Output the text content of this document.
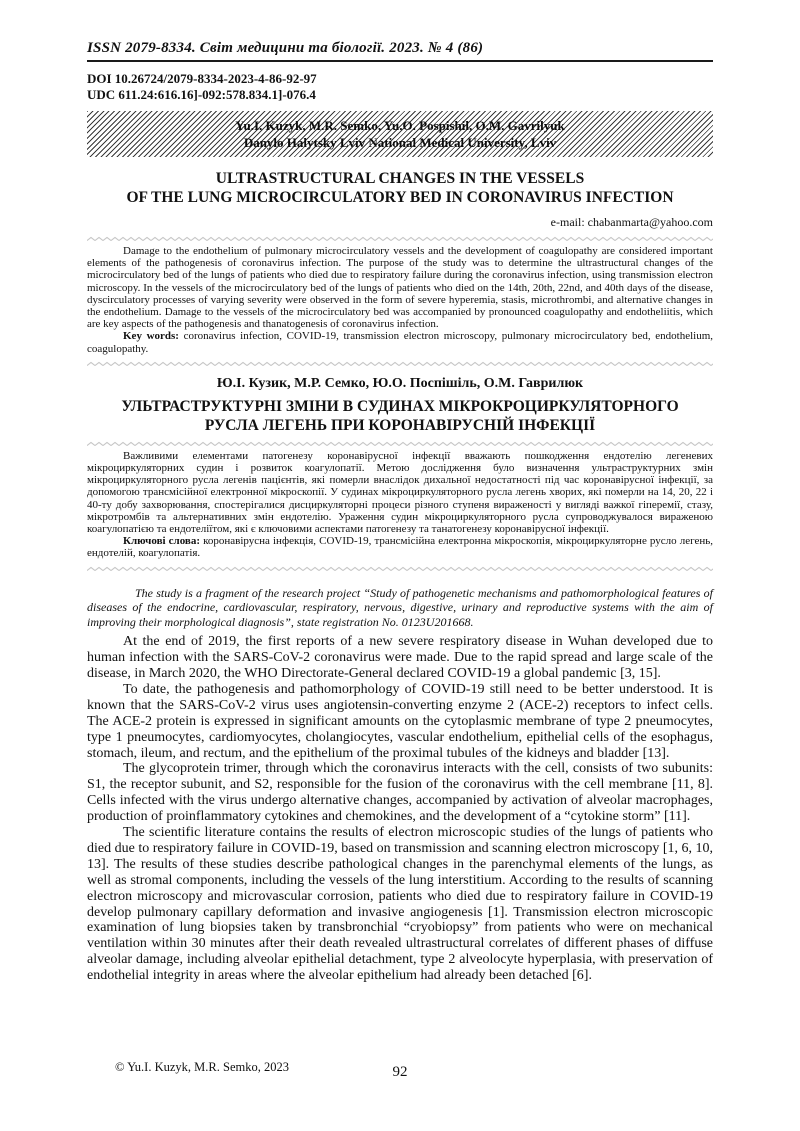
ISSN 2079-8334. Світ медицини та біології. 2023. № 4 (86)
DOI 10.26724/2079-8334-2023-4-86-92-97
UDC 611.24:616.16]-092:578.834.1]-076.4
Yu.I. Kuzyk, M.R. Semko, Yu.O. Pospishil, O.M. Gavrilyuk
Danylo Halytsky Lviv National Medical University, Lviv
ULTRASTRUCTURAL CHANGES IN THE VESSELS
OF THE LUNG MICROCIRCULATORY BED IN CORONAVIRUS INFECTION
e-mail: chabanmarta@yahoo.com

Damage to the endothelium of pulmonary microcirculatory vessels and the development of coagulopathy are considered important elements of the pathogenesis of coronavirus infection. The purpose of the study was to determine the ultrastructural changes of the microcirculatory bed of the lungs of patients who died due to respiratory failure during the coronavirus infection, using transmission electron microscopy. In the vessels of the microcirculatory bed of the lungs of patients who died on the 14th, 20th, 22nd, and 40th days of the disease, dyscirculatory processes of varying severity were observed in the form of severe hyperemia, stasis, microthrombi, and alternative changes in the endothelium. Damage to the vessels of the microcirculatory bed was accompanied by pronounced coagulopathy and endotheliitis, which are key aspects of the pathogenesis and thanatogenesis of coronavirus infection.

Key words: coronavirus infection, COVID-19, transmission electron microscopy, pulmonary microcirculatory bed, endothelium, coagulopathy.

Ю.І. Кузик, М.Р. Семко, Ю.О. Поспішіль, О.М. Гаврилюк
УЛЬТРАСТРУКТУРНІ ЗМІНИ В СУДИНАХ МІКРОКРОЦИРКУЛЯТОРНОГО
РУСЛА ЛЕГЕНЬ ПРИ КОРОНАВІРУСНІЙ ІНФЕКЦІЇ

Важливими елементами патогенезу коронавірусної інфекції вважають пошкодження ендотелію легеневих мікроциркуляторних судин і розвиток коагулопатії. Метою дослідження було визначення ультраструктурних змін мікроциркуляторного русла легенів пацієнтів, які померли внаслідок дихальної недостатності під час коронавірусної інфекції, за допомогою трансмісійної електронної мікроскопії. У судинах мікроциркуляторного русла легень хворих, які померли на 14, 20, 22 і 40-ту добу захворювання, спостерігалися дисциркуляторні процеси різного ступеня вираженості у вигляді важкої гіперемії, стазу, мікротромбів та альтернативних змін ендотелію. Ураження судин мікроциркуляторного русла супроводжувалося вираженою коагулопатією та ендотеліїтом, які є ключовими аспектами патогенезу та танатогенезу коронавірусної інфекції.

Ключові слова: коронавірусна інфекція, COVID-19, трансмісійна електронна мікроскопія, мікроциркуляторне русло легень, ендотелій, коагулопатія.

The study is a fragment of the research project “Study of pathogenetic mechanisms and pathomorphological features of diseases of the endocrine, cardiovascular, respiratory, nervous, digestive, urinary and reproductive systems with the aim of improving their morphological diagnosis”, state registration No. 0123U201668.

At the end of 2019, the first reports of a new severe respiratory disease in Wuhan developed due to human infection with the SARS-CoV-2 coronavirus were made. Due to the rapid spread and large scale of the disease, in March 2020, the WHO Directorate-General declared COVID-19 a global pandemic [3, 15].

To date, the pathogenesis and pathomorphology of COVID-19 still need to be better understood. It is known that the SARS-CoV-2 virus uses angiotensin-converting enzyme 2 (ACE-2) receptors to infect cells. The ACE-2 protein is expressed in significant amounts on the cytoplasmic membrane of type 2 pneumocytes, type 1 pneumocytes, cardiomyocytes, cholangiocytes, vascular endothelium, epithelial cells of the esophagus, stomach, ileum, and rectum, and the epithelium of the proximal tubules of the kidneys and bladder [13].

The glycoprotein trimer, through which the coronavirus interacts with the cell, consists of two subunits: S1, the receptor subunit, and S2, responsible for the fusion of the coronavirus with the cell membrane [11, 8]. Cells infected with the virus undergo alternative changes, accompanied by activation of alveolar macrophages, production of proinflammatory cytokines and chemokines, and the development of a “cytokine storm” [11].

The scientific literature contains the results of electron microscopic studies of the lungs of patients who died due to respiratory failure in COVID-19, based on transmission and scanning electron microscopy [1, 6, 10, 13]. The results of these studies describe pathological changes in the parenchymal elements of the lungs, as well as stromal components, including the vessels of the lung interstitium. According to the results of scanning electron microscopy and microvascular corrosion, patients who died due to respiratory failure in COVID-19 develop pulmonary capillary deformation and invasive angiogenesis [1]. Transmission electron microscopic examination of lung biopsies taken by transbronchial “cryobiopsy” from patients who were on mechanical ventilation within 30 minutes after their death revealed ultrastructural correlates of different phases of diffuse alveolar damage, including alveolar epithelial detachment, type 2 alveolocyte hyperplasia, with preservation of endothelial integrity in areas where the alveolar epithelium had already been detached [6].

© Yu.I. Kuzyk, M.R. Semko, 2023	92
